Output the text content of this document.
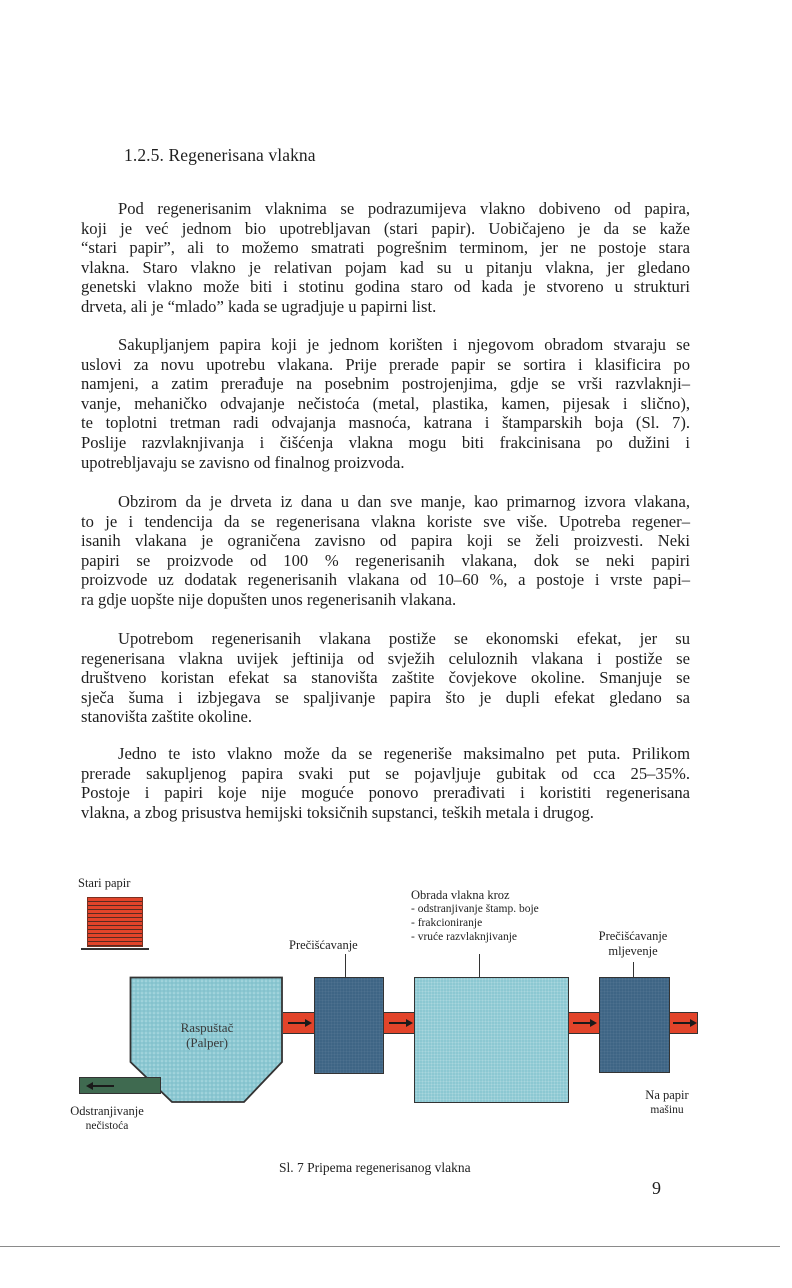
1.2.5. Regenerisana vlakna

Pod regenerisanim vlaknima se podrazumijeva vlakno dobiveno od papira,
koji je već jednom bio upotrebljavan (stari papir). Uobičajeno je da se kaže
“stari papir”, ali to možemo smatrati pogrešnim terminom, jer ne postoje stara
vlakna. Staro vlakno je relativan pojam kad su u pitanju vlakna, jer gledano
genetski vlakno može biti i stotinu godina staro od kada je stvoreno u strukturi
drveta, ali je “mlado” kada se ugradjuje u papirni list.

Sakupljanjem papira koji je jednom korišten i njegovom obradom stvaraju se
uslovi za novu upotrebu vlakana. Prije prerade papir se sortira i klasificira po
namjeni, a zatim prerađuje na posebnim postrojenjima, gdje se vrši razvlaknji–
vanje, mehaničko odvajanje nečistoća (metal, plastika, kamen, pijesak i slično),
te toplotni tretman radi odvajanja masnoća, katrana i štamparskih boja (Sl. 7).
Poslije razvlaknjivanja i čišćenja vlakna mogu biti frakcinisana po dužini i
upotrebljavaju se zavisno od finalnog proizvoda.

Obzirom da je drveta iz dana u dan sve manje, kao primarnog izvora vlakana,
to je i tendencija da se regenerisana vlakna koriste sve više. Upotreba regener–
isanih vlakana je ograničena zavisno od papira koji se želi proizvesti. Neki
papiri se proizvode od 100 % regenerisanih vlakana, dok se neki papiri
proizvode uz dodatak regenerisanih vlakana od 10–60 %, a postoje i vrste papi–
ra gdje uopšte nije dopušten unos regenerisanih vlakana.

Upotrebom regenerisanih vlakana postiže se ekonomski efekat, jer su
regenerisana vlakna uvijek jeftinija od svježih celuloznih vlakana i postiže se
društveno koristan efekat sa stanovišta zaštite čovjekove okoline. Smanjuje se
sječa šuma i izbjegava se spaljivanje papira što je dupli efekat gledano sa
stanovišta zaštite okoline.

Jedno te isto vlakno može da se regeneriše maksimalno pet puta. Prilikom
prerade sakupljenog papira svaki put se pojavljuje gubitak od cca 25–35%.
Postoje i papiri koje nije moguće ponovo prerađivati i koristiti regenerisana
vlakna, a zbog prisustva hemijski toksičnih supstanci, teških metala i drugog.

Stari papir
Raspuštač
(Palper)
Odstranjivanje
nečistoća
Prečišćavanje
Obrada vlakna kroz
- odstranjivanje štamp. boje
- frakcioniranje
- vruće razvlaknjivanje	Prečišćavanje
mljevenje
Na papir
mašinu
Sl. 7 Pripema regenerisanog vlakna
9
